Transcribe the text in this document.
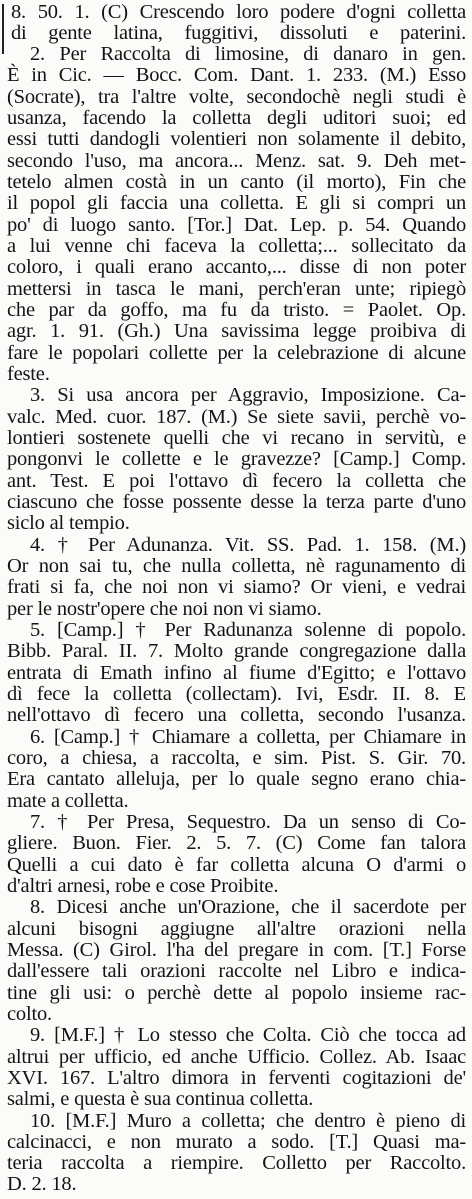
8. 50. 1. (C) Crescendo loro podere d'ogni colletta
di gente latina, fuggitivi, dissoluti e paterini.
2. Per Raccolta di limosine, di danaro in gen.
È in Cic. — Bocc. Com. Dant. 1. 233. (M.) Esso
(Socrate), tra l'altre volte, secondochè negli studi è
usanza, facendo la colletta degli uditori suoi; ed
essi tutti dandogli volentieri non solamente il debito,
secondo l'uso, ma ancora... Menz. sat. 9. Deh met-
tetelo almen costà in un canto (il morto), Fin che
il popol gli faccia una colletta. E gli si compri un
po' di luogo santo. [Tor.] Dat. Lep. p. 54. Quando
a lui venne chi faceva la colletta;... sollecitato da
coloro, i quali erano accanto,... disse di non poter
mettersi in tasca le mani, perch'eran unte; ripiegò
che par da goffo, ma fu da tristo. = Paolet. Op.
agr. 1. 91. (Gh.) Una savissima legge proibiva di
fare le popolari collette per la celebrazione di alcune
feste.
3. Si usa ancora per Aggravio, Imposizione. Ca-
valc. Med. cuor. 187. (M.) Se siete savii, perchè vo-
lontieri sostenete quelli che vi recano in servitù, e
pongonvi le collette e le gravezze? [Camp.] Comp.
ant. Test. E poi l'ottavo dì fecero la colletta che
ciascuno che fosse possente desse la terza parte d'uno
siclo al tempio.
4. † Per Adunanza. Vit. SS. Pad. 1. 158. (M.)
Or non sai tu, che nulla colletta, nè ragunamento di
frati si fa, che noi non vi siamo? Or vieni, e vedrai
per le nostr'opere che noi non vi siamo.
5. [Camp.] † Per Radunanza solenne di popolo.
Bibb. Paral. II. 7. Molto grande congregazione dalla
entrata di Emath infino al fiume d'Egitto; e l'ottavo
dì fece la colletta (collectam). Ivi, Esdr. II. 8. E
nell'ottavo dì fecero una colletta, secondo l'usanza.
6. [Camp.] † Chiamare a colletta, per Chiamare in
coro, a chiesa, a raccolta, e sim. Pist. S. Gir. 70.
Era cantato alleluja, per lo quale segno erano chia-
mate a colletta.
7. † Per Presa, Sequestro. Da un senso di Co-
gliere. Buon. Fier. 2. 5. 7. (C) Come fan talora
Quelli a cui dato è far colletta alcuna O d'armi o
d'altri arnesi, robe e cose Proibite.
8. Dicesi anche un'Orazione, che il sacerdote per
alcuni bisogni aggiugne all'altre orazioni nella
Messa. (C) Girol. l'ha del pregare in com. [T.] Forse
dall'essere tali orazioni raccolte nel Libro e indica-
tine gli usi: o perchè dette al popolo insieme rac-
colto.
9. [M.F.] † Lo stesso che Colta. Ciò che tocca ad
altrui per ufficio, ed anche Ufficio. Collez. Ab. Isaac
XVI. 167. L'altro dimora in ferventi cogitazioni de'
salmi, e questa è sua continua colletta.
10. [M.F.] Muro a colletta; che dentro è pieno di
calcinacci, e non murato a sodo. [T.] Quasi ma-
teria raccolta a riempire. Colletto per Raccolto.
D. 2. 18.
